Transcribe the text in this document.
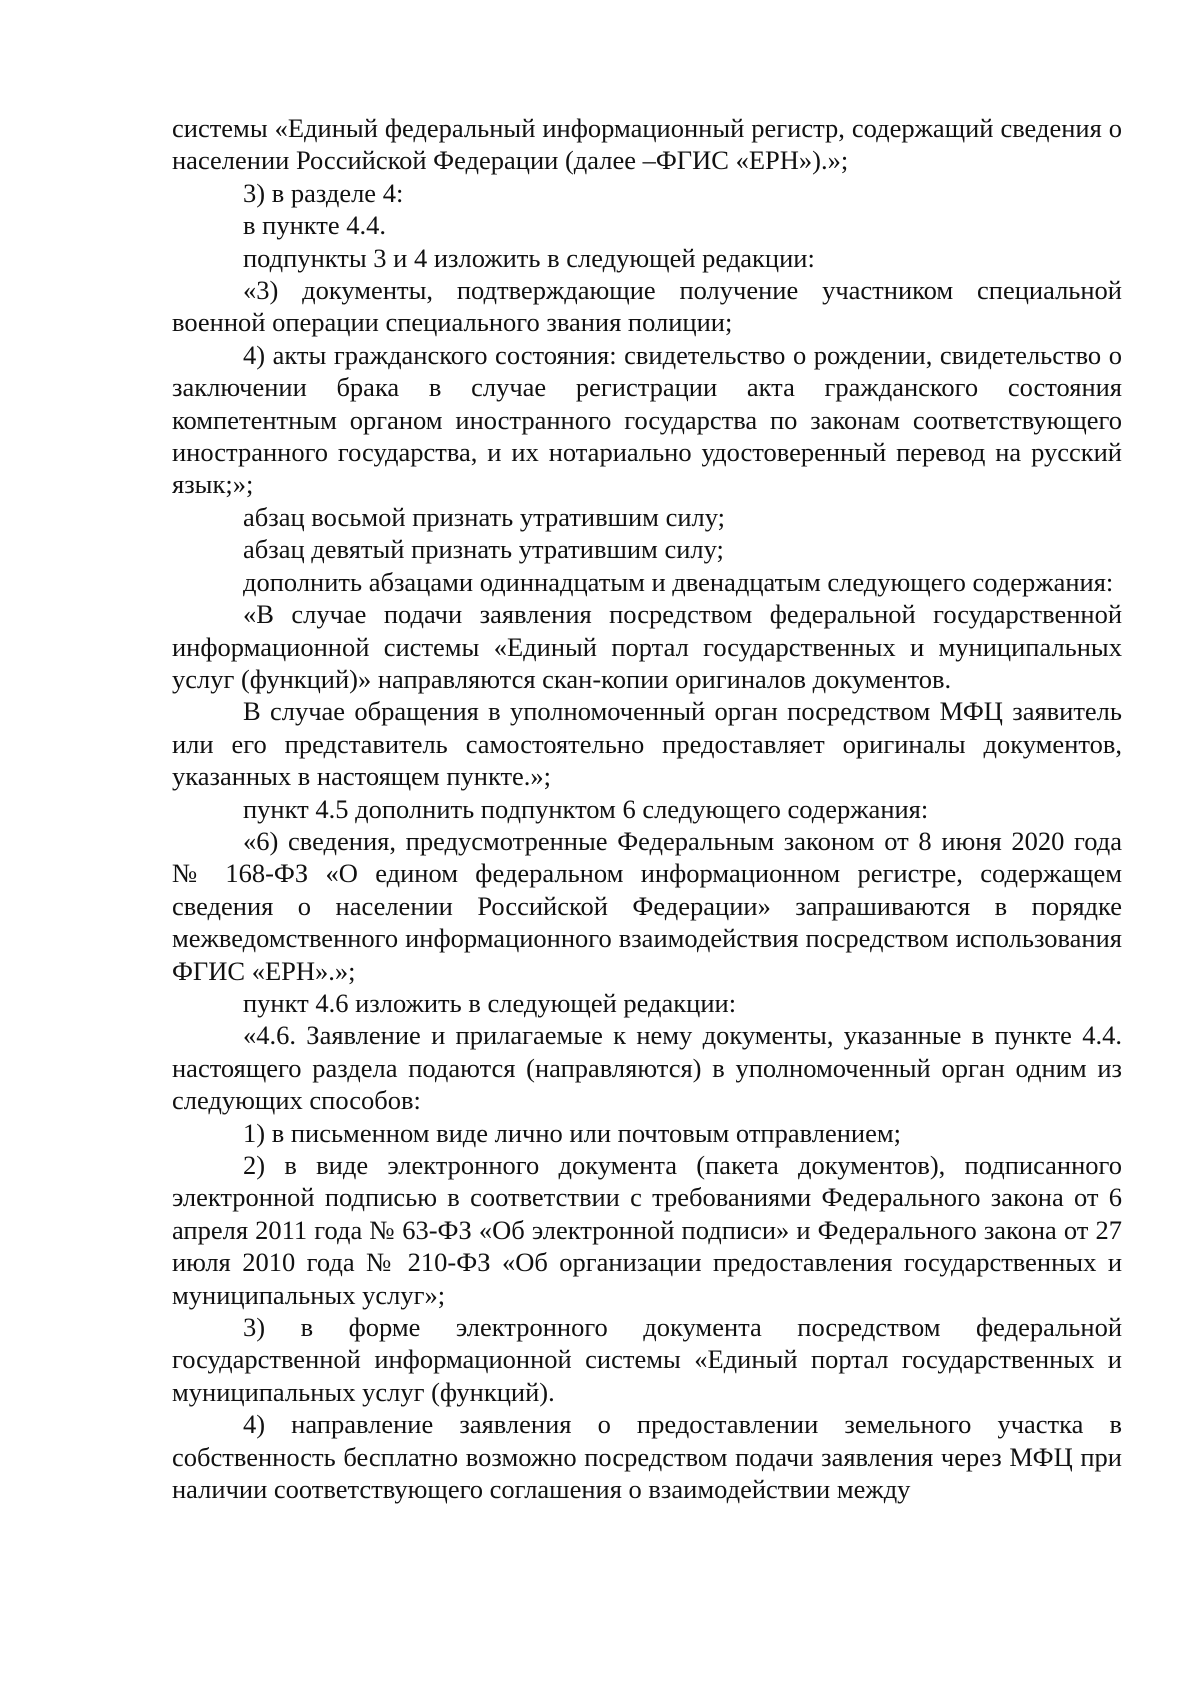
системы «Единый федеральный информационный регистр, содержащий сведения о населении Российской Федерации (далее –ФГИС «ЕРН»).»;

3) в разделе 4:

в пункте 4.4.

подпункты 3 и 4 изложить в следующей редакции:

«3) документы, подтверждающие получение участником специальной военной операции специального звания полиции;

4) акты гражданского состояния: свидетельство о рождении, свидетельство о заключении брака в случае регистрации акта гражданского состояния компетентным органом иностранного государства по законам соответствующего иностранного государства, и их нотариально удостоверенный перевод на русский язык;»;

абзац восьмой признать утратившим силу;

абзац девятый признать утратившим силу;

дополнить абзацами одиннадцатым и двенадцатым следующего содержания:

«В случае подачи заявления посредством федеральной государственной информационной системы «Единый портал государственных и муниципальных услуг (функций)» направляются скан-копии оригиналов документов.

В случае обращения в уполномоченный орган посредством МФЦ заявитель или его представитель самостоятельно предоставляет оригиналы документов, указанных в настоящем пункте.»;

пункт 4.5 дополнить подпунктом 6 следующего содержания:

«6) сведения, предусмотренные Федеральным законом от 8 июня 2020 года № 168-ФЗ «О едином федеральном информационном регистре, содержащем сведения о населении Российской Федерации» запрашиваются в порядке межведомственного информационного взаимодействия посредством использования ФГИС «ЕРН».»;

пункт 4.6 изложить в следующей редакции:

«4.6. Заявление и прилагаемые к нему документы, указанные в пункте 4.4. настоящего раздела подаются (направляются) в уполномоченный орган одним из следующих способов:

1) в письменном виде лично или почтовым отправлением;

2) в виде электронного документа (пакета документов), подписанного электронной подписью в соответствии с требованиями Федерального закона от 6 апреля 2011 года № 63-ФЗ «Об электронной подписи» и Федерального закона от 27 июля 2010 года № 210-ФЗ «Об организации предоставления государственных и муниципальных услуг»;

3) в форме электронного документа посредством федеральной государственной информационной системы «Единый портал государственных и муниципальных услуг (функций).

4) направление заявления о предоставлении земельного участка в собственность бесплатно возможно посредством подачи заявления через МФЦ при наличии соответствующего соглашения о взаимодействии между
